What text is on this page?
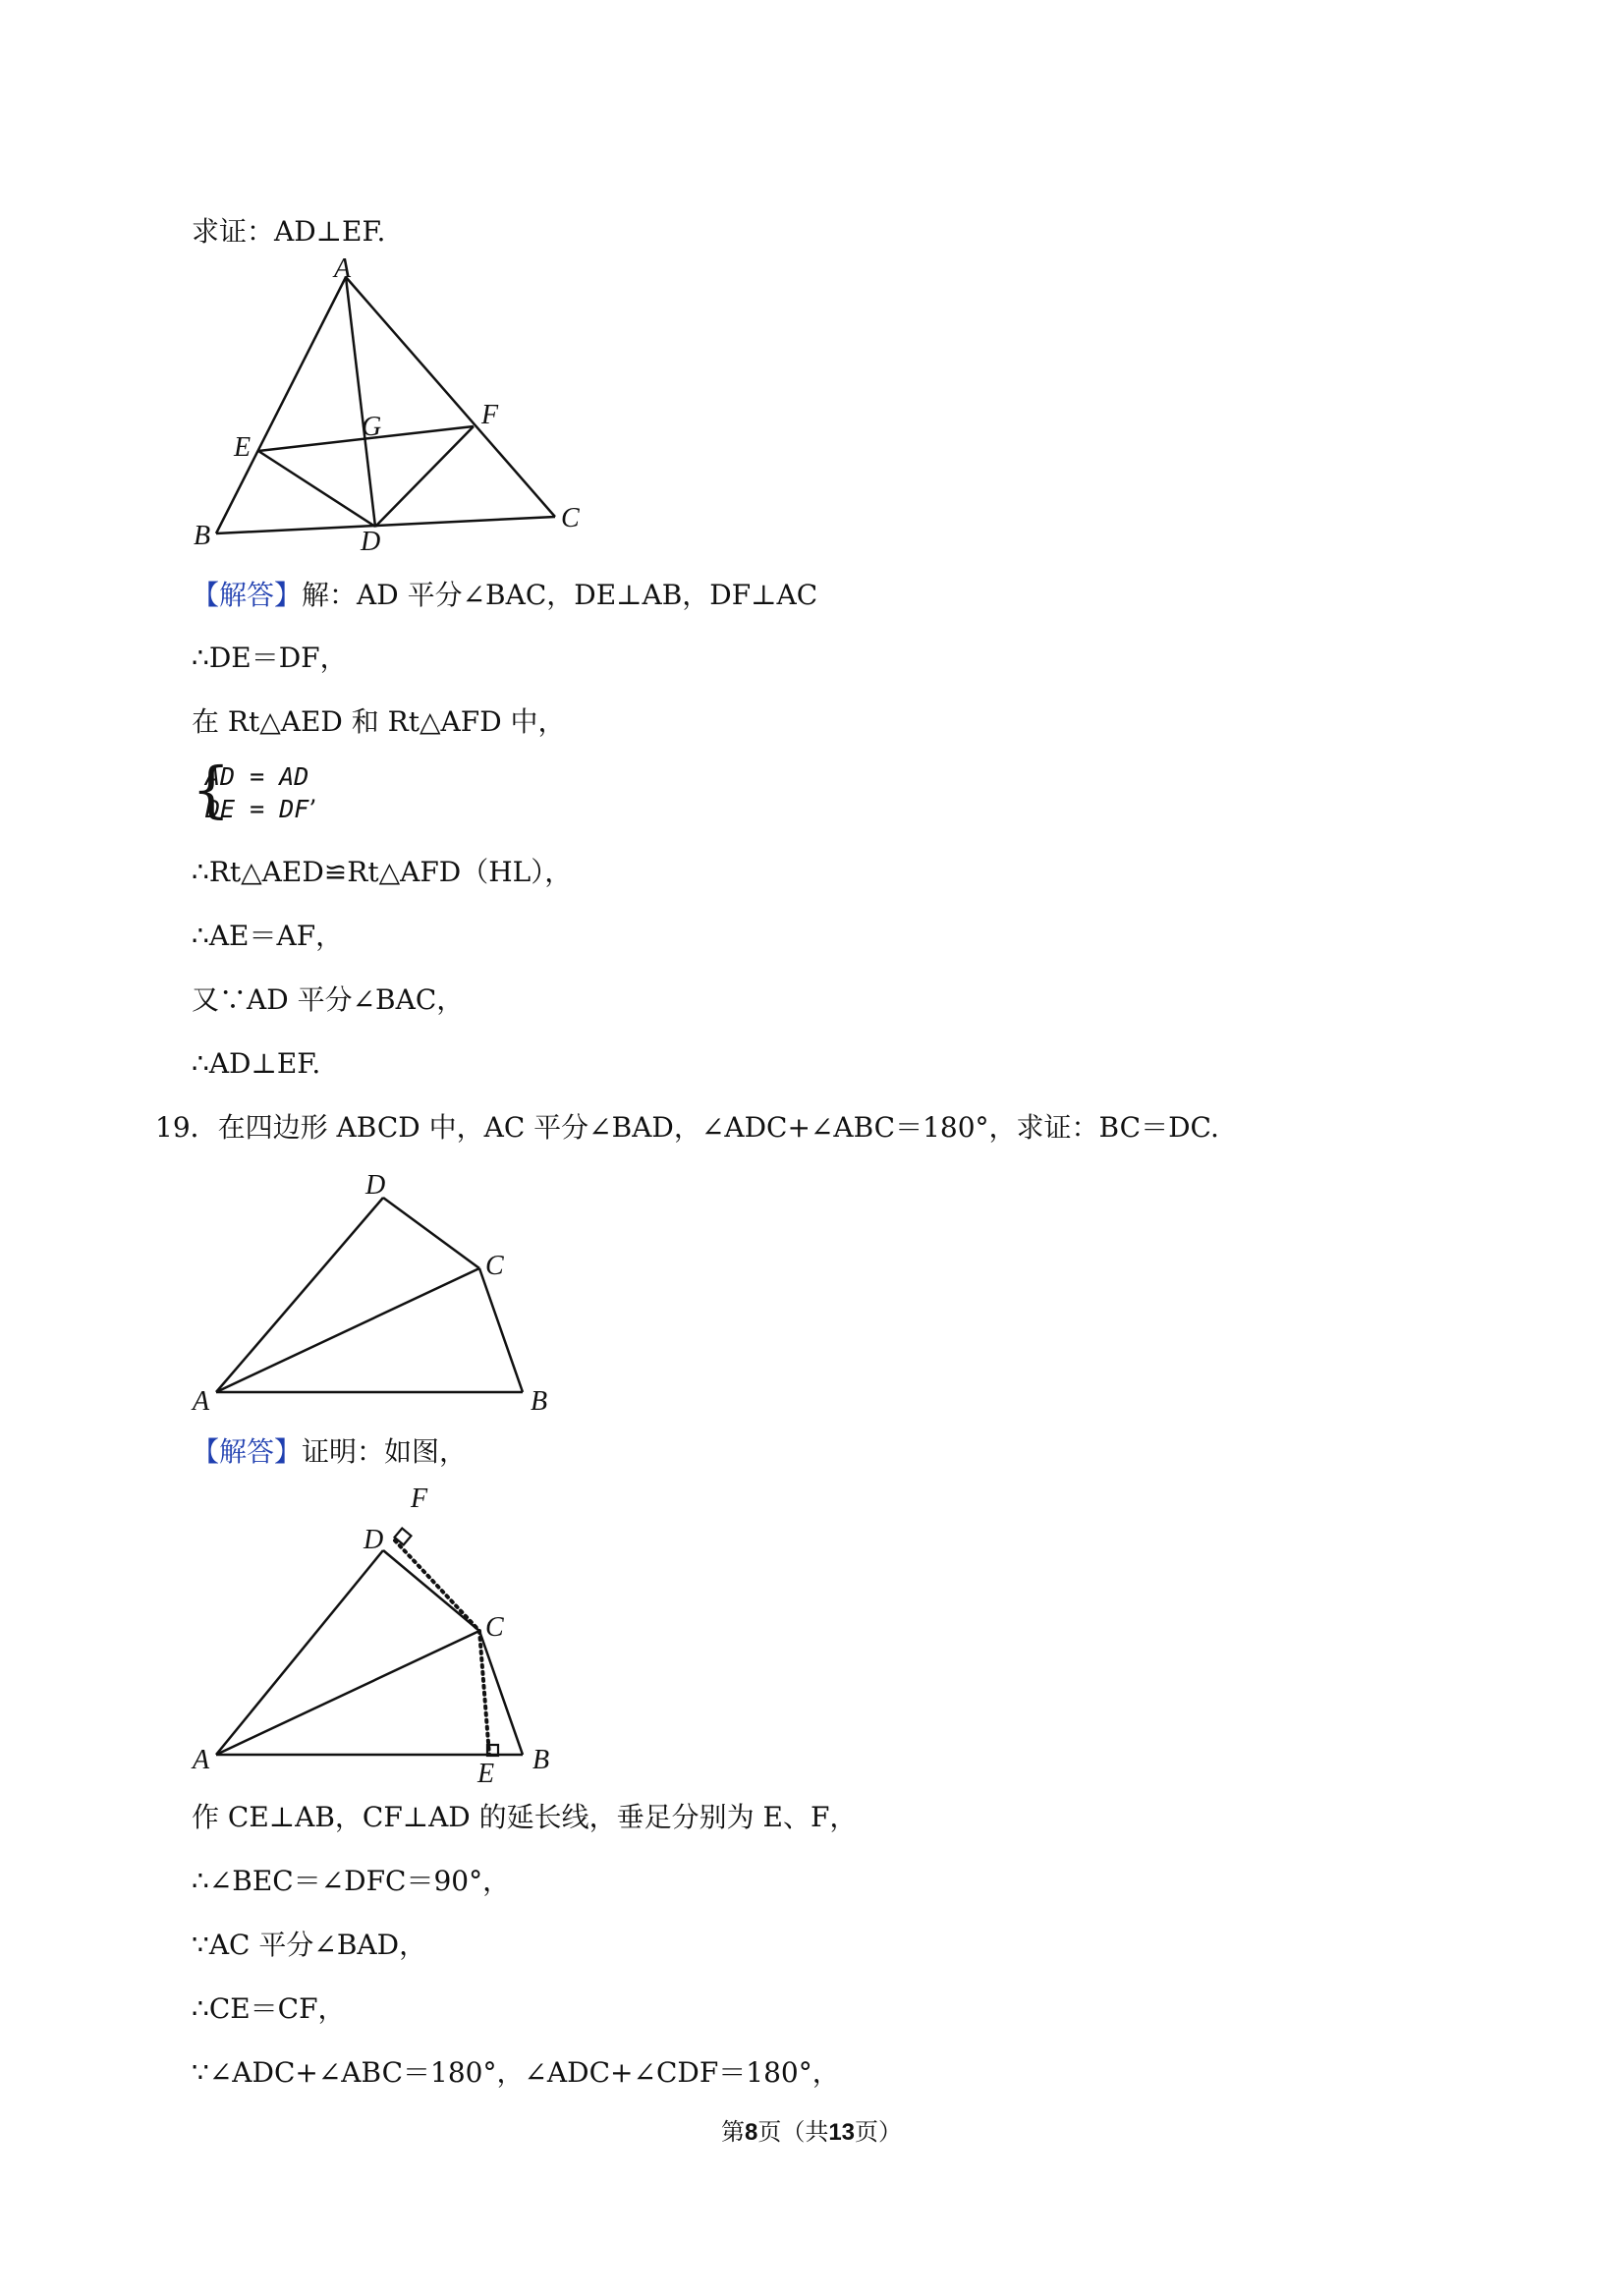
求证：AD⊥EF.
A
B
C
D
E
F
G
【解答】解：AD 平分∠BAC，DE⊥AB，DF⊥AC
∴DE＝DF，
在 Rt△AED 和 Rt△AFD 中，
{
AD = AD
DE = DF’
∴Rt△AED≌Rt△AFD（HL），
∴AE＝AF，
又∵AD 平分∠BAC，
∴AD⊥EF.
19．在四边形 ABCD 中，AC 平分∠BAD，∠ADC+∠ABC＝180°，求证：BC＝DC.
D
C
A	B
【解答】证明：如图，
F
D
C
A	E B
作 CE⊥AB，CF⊥AD 的延长线，垂足分别为 E、F，
∴∠BEC＝∠DFC＝90°，
∵AC 平分∠BAD，
∴CE＝CF，
∵∠ADC+∠ABC＝180°，∠ADC+∠CDF＝180°，
第8页（共13页）
